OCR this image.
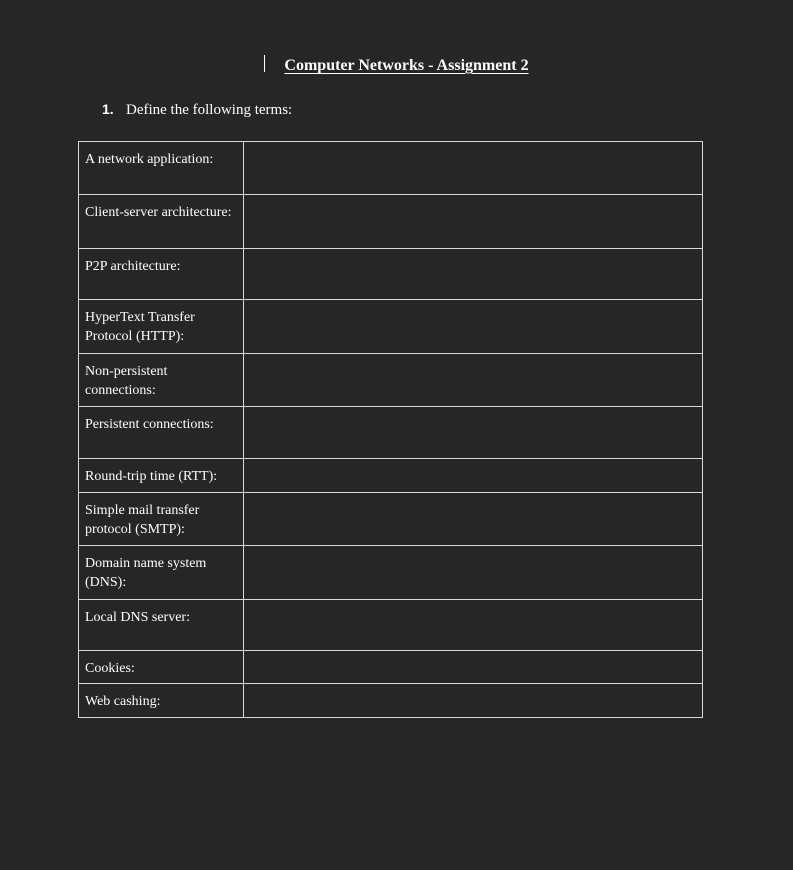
Computer Networks - Assignment 2
1. Define the following terms:
A network application:	
Client-server architecture:	
P2P architecture:	
HyperText Transfer Protocol (HTTP):	
Non-persistent connections:	
Persistent connections:	
Round-trip time (RTT):	
Simple mail transfer protocol (SMTP):	
Domain name system (DNS):	
Local DNS server:	
Cookies:	
Web cashing:	
